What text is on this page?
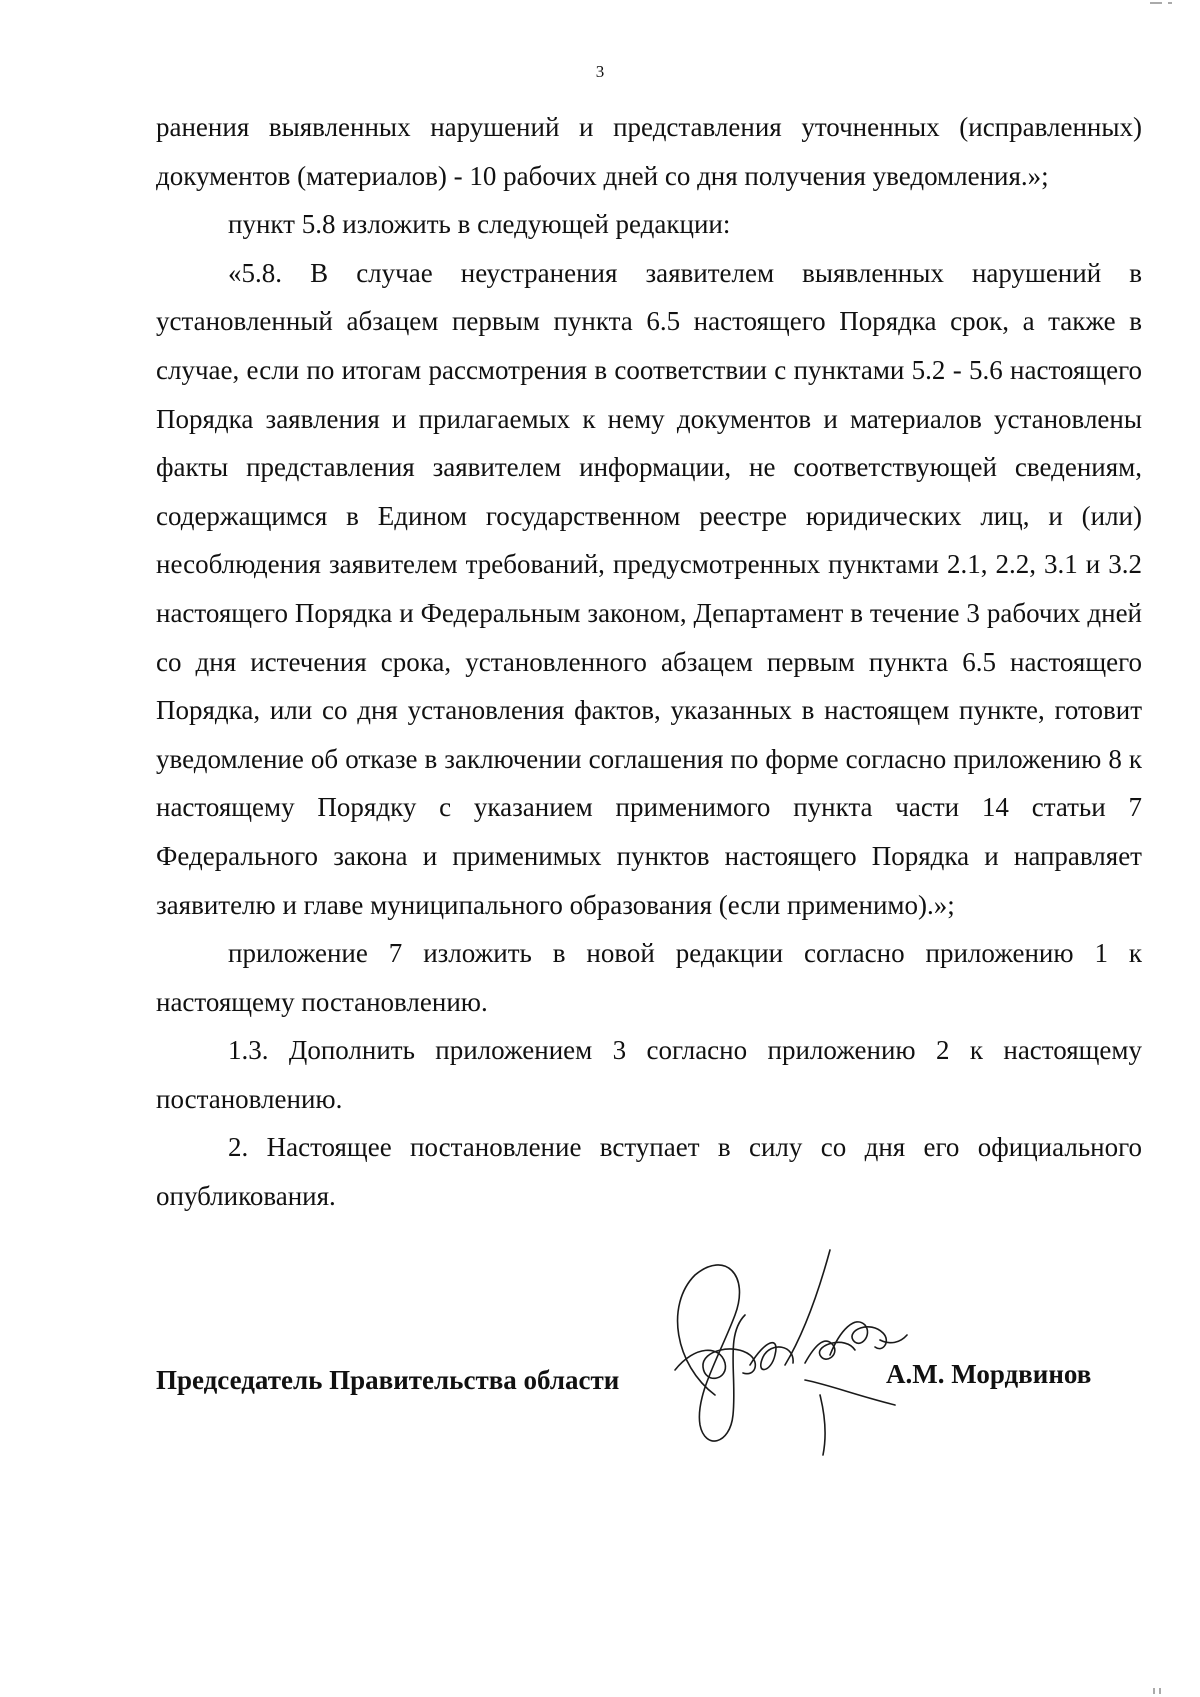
3

ранения выявленных нарушений и представления уточненных (исправленных) документов (материалов) - 10 рабочих дней со дня получения уведомления.»;

пункт 5.8 изложить в следующей редакции:

«5.8. В случае неустранения заявителем выявленных нарушений в установленный абзацем первым пункта 6.5 настоящего Порядка срок, а также в случае, если по итогам рассмотрения в соответствии с пунктами 5.2 - 5.6 настоящего Порядка заявления и прилагаемых к нему документов и материалов установлены факты представления заявителем информации, не соответствующей сведениям, содержащимся в Едином государственном реестре юридических лиц, и (или) несоблюдения заявителем требований, предусмотренных пунктами 2.1, 2.2, 3.1 и 3.2 настоящего Порядка и Федеральным законом, Департамент в течение 3 рабочих дней со дня истечения срока, установленного абзацем первым пункта 6.5 настоящего Порядка, или со дня установления фактов, указанных в настоящем пункте, готовит уведомление об отказе в заключении соглашения по форме согласно приложению 8 к настоящему Порядку с указанием применимого пункта части 14 статьи 7 Федерального закона и применимых пунктов настоящего Порядка и направляет заявителю и главе муниципального образования (если применимо).»;

приложение 7 изложить в новой редакции согласно приложению 1 к настоящему постановлению.

1.3. Дополнить приложением 3 согласно приложению 2 к настоящему постановлению.

2. Настоящее постановление вступает в силу со дня его официального опубликования.

Председатель Правительства области	А.М. Мордвинов
